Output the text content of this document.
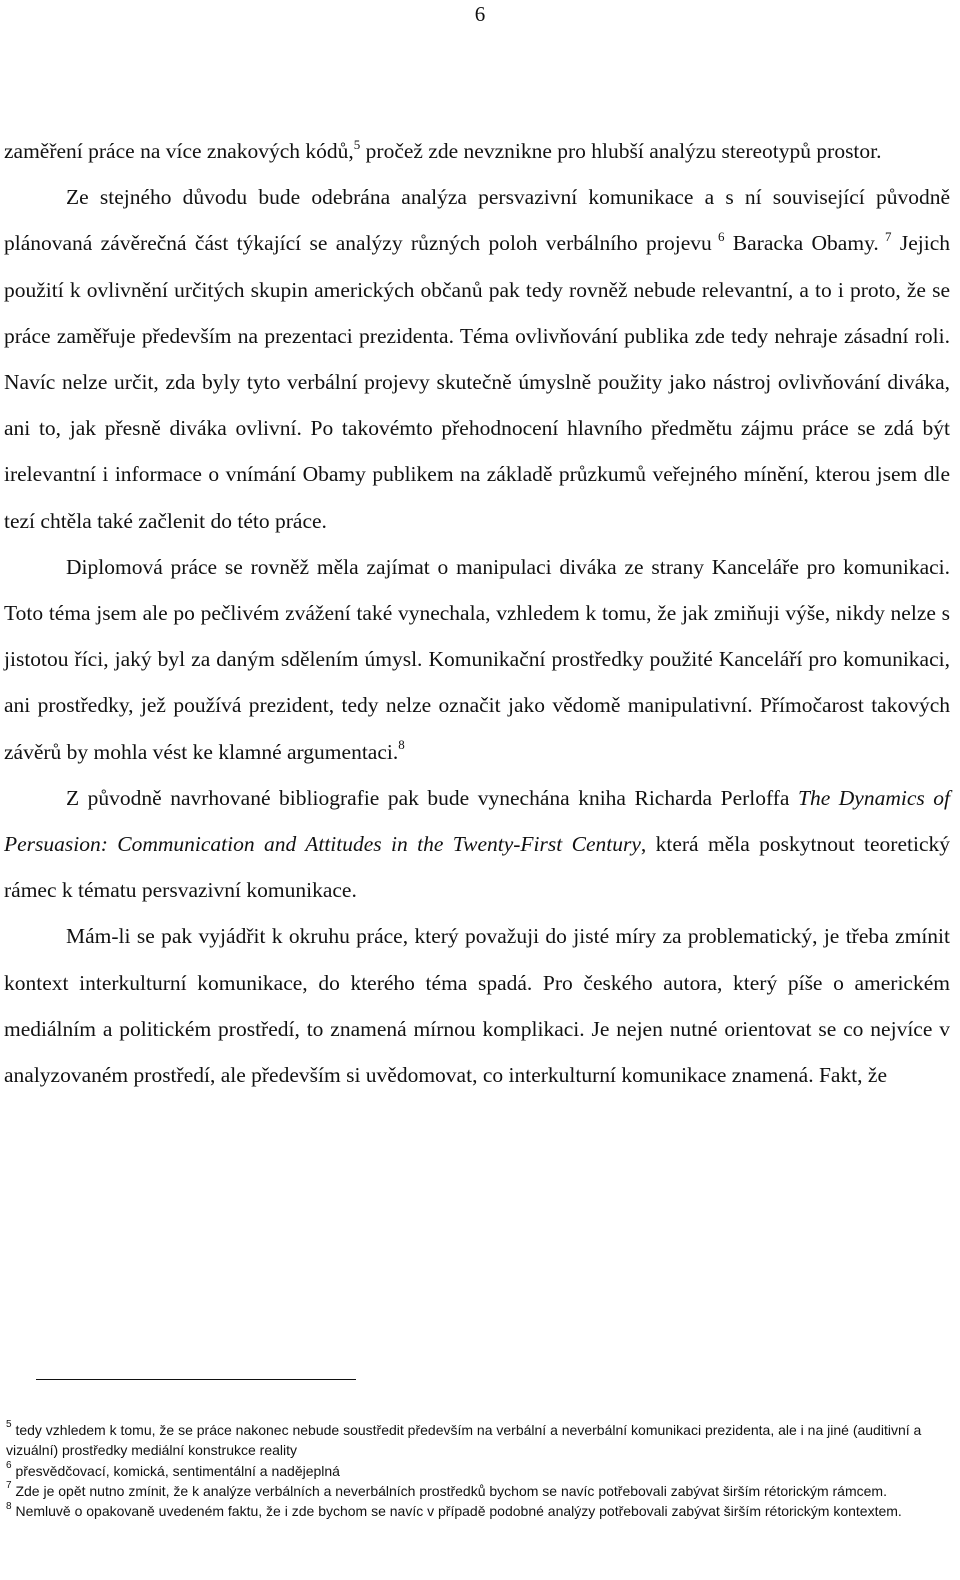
6

zaměření práce na více znakových kódů,$^5$ pročež zde nevznikne pro hlubší analýzu stereotypů prostor.

Ze stejného důvodu bude odebrána analýza persvazivní komunikace a s ní související původně plánovaná závěrečná část týkající se analýzy různých poloh verbálního projevu $^6$ Baracka Obamy. $^7$ Jejich použití k ovlivnění určitých skupin amerických občanů pak tedy rovněž nebude relevantní, a to i proto, že se práce zaměřuje především na prezentaci prezidenta. Téma ovlivňování publika zde tedy nehraje zásadní roli. Navíc nelze určit, zda byly tyto verbální projevy skutečně úmyslně použity jako nástroj ovlivňování diváka, ani to, jak přesně diváka ovlivní. Po takovémto přehodnocení hlavního předmětu zájmu práce se zdá být irelevantní i informace o vnímání Obamy publikem na základě průzkumů veřejného mínění, kterou jsem dle tezí chtěla také začlenit do této práce.

Diplomová práce se rovněž měla zajímat o manipulaci diváka ze strany Kanceláře pro komunikaci. Toto téma jsem ale po pečlivém zvážení také vynechala, vzhledem k tomu, že jak zmiňuji výše, nikdy nelze s jistotou říci, jaký byl za daným sdělením úmysl. Komunikační prostředky použité Kanceláří pro komunikaci, ani prostředky, jež používá prezident, tedy nelze označit jako vědomě manipulativní. Přímočarost takových závěrů by mohla vést ke klamné argumentaci.$^8$

Z původně navrhované bibliografie pak bude vynechána kniha Richarda Perloffa The Dynamics of Persuasion: Communication and Attitudes in the Twenty-First Century, která měla poskytnout teoretický rámec k tématu persvazivní komunikace.

Mám-li se pak vyjádřit k okruhu práce, který považuji do jisté míry za problematický, je třeba zmínit kontext interkulturní komunikace, do kterého téma spadá. Pro českého autora, který píše o americkém mediálním a politickém prostředí, to znamená mírnou komplikaci. Je nejen nutné orientovat se co nejvíce v analyzovaném prostředí, ale především si uvědomovat, co interkulturní komunikace znamená. Fakt, že

$^5$ tedy vzhledem k tomu, že se práce nakonec nebude soustředit především na verbální a neverbální komunikaci prezidenta, ale i na jiné (auditivní a vizuální) prostředky mediální konstrukce reality

$^6$ přesvědčovací, komická, sentimentální a nadějeplná

$^7$ Zde je opět nutno zmínit, že k analýze verbálních a neverbálních prostředků bychom se navíc potřebovali zabývat širším rétorickým rámcem.

$^8$ Nemluvě o opakovaně uvedeném faktu, že i zde bychom se navíc v případě podobné analýzy potřebovali zabývat širším rétorickým kontextem.
